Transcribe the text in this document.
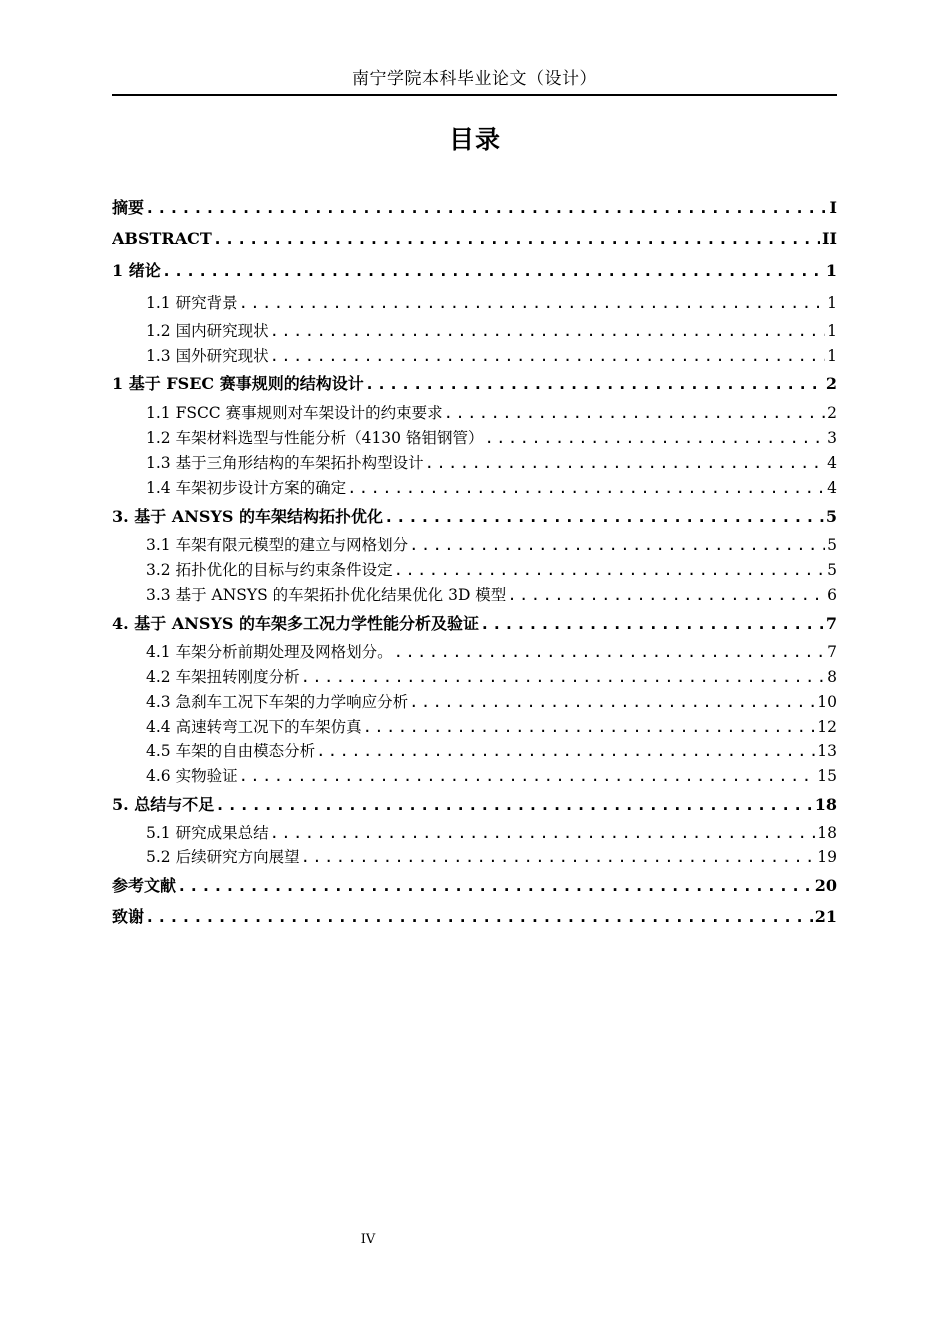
南宁学院本科毕业论文（设计）
目录
摘要 .....	I
ABSTRACT .....	II
1 绪论 .....	1
1.1 研究背景 .....	1
1.2 国内研究现状 .....	1
1.3 国外研究现状 .....	1
1 基于 FSEC 赛事规则的结构设计 .....	2
1.1 FSCC 赛事规则对车架设计的约束要求 .....	2
1.2 车架材料选型与性能分析（4130 铬钼钢管） .....	3
1.3 基于三角形结构的车架拓扑构型设计 .....	4
1.4 车架初步设计方案的确定 .....	4
3. 基于 ANSYS 的车架结构拓扑优化 .....	5
3.1 车架有限元模型的建立与网格划分 .....	5
3.2 拓扑优化的目标与约束条件设定 .....	5
3.3 基于 ANSYS 的车架拓扑优化结果优化 3D 模型 .....	6
4. 基于 ANSYS 的车架多工况力学性能分析及验证 .....	7
4.1 车架分析前期处理及网格划分。 .....	7
4.2 车架扭转刚度分析 .....	8
4.3 急刹车工况下车架的力学响应分析 .....	10
4.4 高速转弯工况下的车架仿真 .....	12
4.5 车架的自由模态分析 .....	13
4.6 实物验证 .....	15
5. 总结与不足 .....	18
5.1 研究成果总结 .....	18
5.2 后续研究方向展望 .....	19
参考文献 .....	20
致谢 .....	21
IV
